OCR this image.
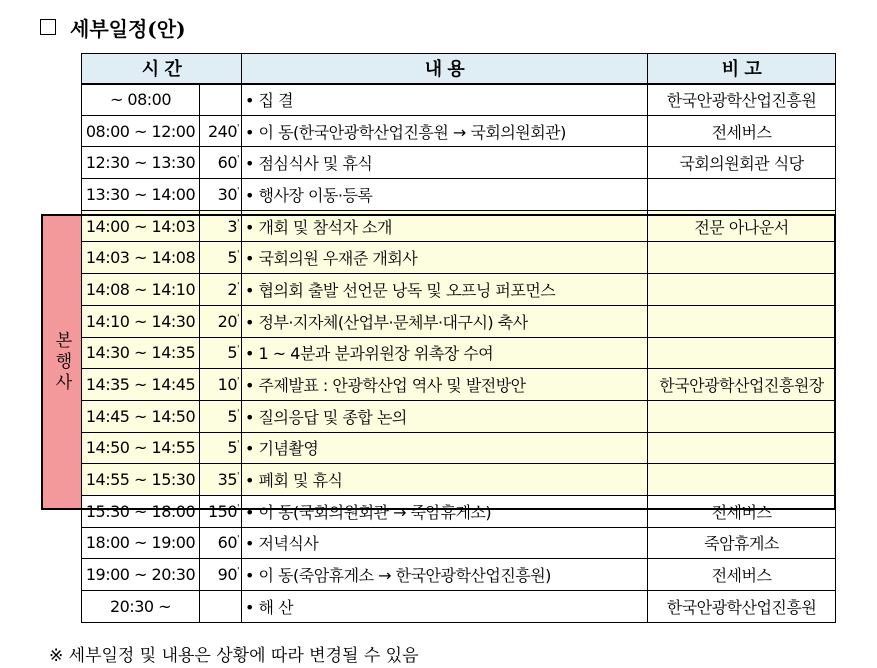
세부일정(안)
본행사
시 간		내 용	비 고
~ 08:00		• 집 결	한국안광학산업진흥원
08:00 ~ 12:00	240'	• 이 동(한국안광학산업진흥원 → 국회의원회관)	전세버스
12:30 ~ 13:30	60'	• 점심식사 및 휴식	국회의원회관 식당
13:30 ~ 14:00	30'	• 행사장 이동·등록	
14:00 ~ 14:03	3'	• 개회 및 참석자 소개	전문 아나운서
14:03 ~ 14:08	5'	• 국회의원 우재준 개회사	
14:08 ~ 14:10	2'	• 협의회 출발 선언문 낭독 및 오프닝 퍼포먼스	
14:10 ~ 14:30	20'	• 정부·지자체(산업부·문체부·대구시) 축사	
14:30 ~ 14:35	5'	• 1 ~ 4분과 분과위원장 위촉장 수여	
14:35 ~ 14:45	10'	• 주제발표 : 안광학산업 역사 및 발전방안	한국안광학산업진흥원장
14:45 ~ 14:50	5'	• 질의응답 및 종합 논의	
14:50 ~ 14:55	5'	• 기념촬영	
14:55 ~ 15:30	35'	• 폐회 및 휴식	
15:30 ~ 18:00	150'	• 이 동(국회의원회관 → 죽암휴게소)	전세버스
18:00 ~ 19:00	60'	• 저녁식사	죽암휴게소
19:00 ~ 20:30	90'	• 이 동(죽암휴게소 → 한국안광학산업진흥원)	전세버스
20:30 ~		• 해 산	한국안광학산업진흥원
※ 세부일정 및 내용은 상황에 따라 변경될 수 있음
